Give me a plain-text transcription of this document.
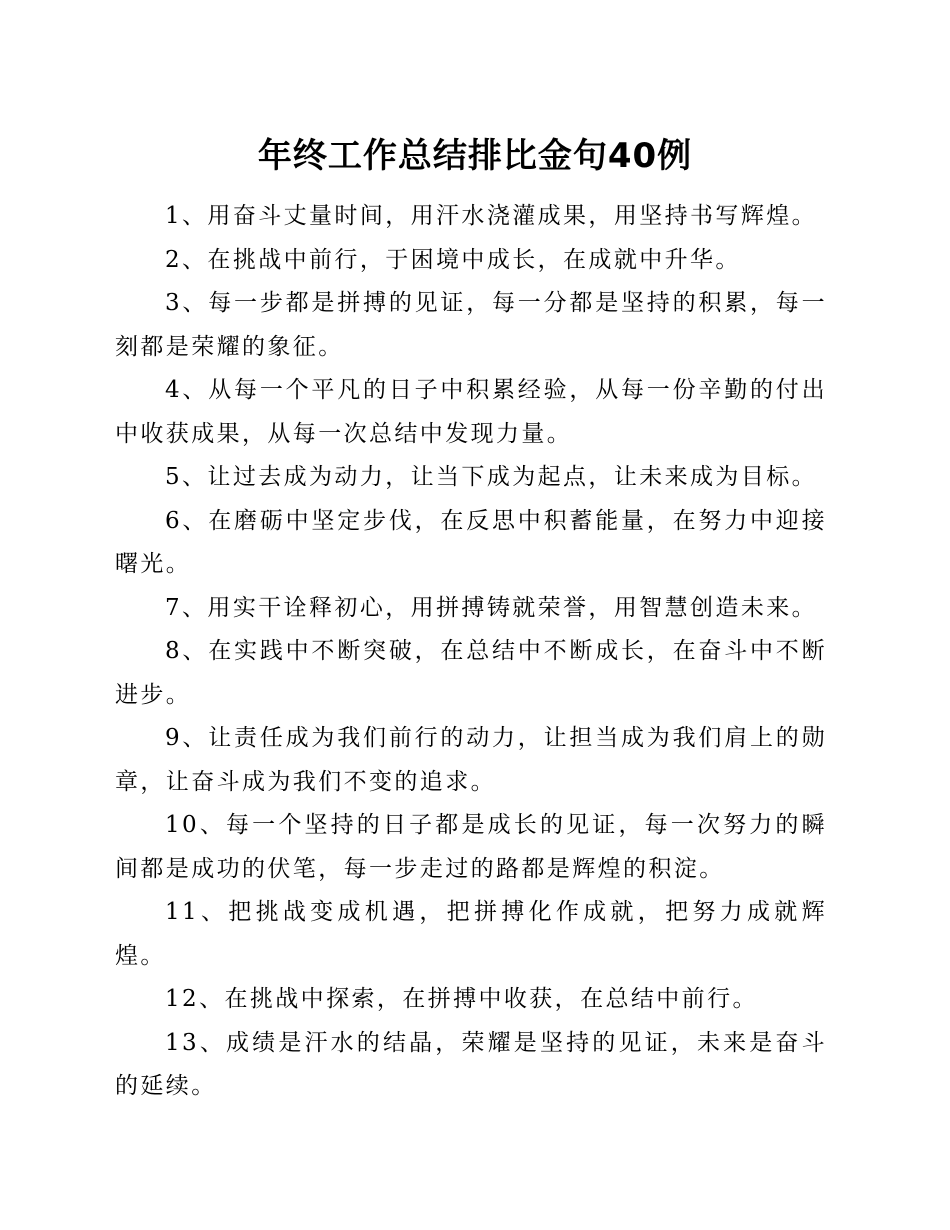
年终工作总结排比金句40例

1、用奋斗丈量时间，用汗水浇灌成果，用坚持书写辉煌。

2、在挑战中前行，于困境中成长，在成就中升华。

3、每一步都是拼搏的见证，每一分都是坚持的积累，每一刻都是荣耀的象征。

4、从每一个平凡的日子中积累经验，从每一份辛勤的付出中收获成果，从每一次总结中发现力量。

5、让过去成为动力，让当下成为起点，让未来成为目标。

6、在磨砺中坚定步伐，在反思中积蓄能量，在努力中迎接曙光。

7、用实干诠释初心，用拼搏铸就荣誉，用智慧创造未来。

8、在实践中不断突破，在总结中不断成长，在奋斗中不断进步。

9、让责任成为我们前行的动力，让担当成为我们肩上的勋章，让奋斗成为我们不变的追求。

10、每一个坚持的日子都是成长的见证，每一次努力的瞬间都是成功的伏笔，每一步走过的路都是辉煌的积淀。

11、把挑战变成机遇，把拼搏化作成就，把努力成就辉煌。

12、在挑战中探索，在拼搏中收获，在总结中前行。

13、成绩是汗水的结晶，荣耀是坚持的见证，未来是奋斗的延续。
